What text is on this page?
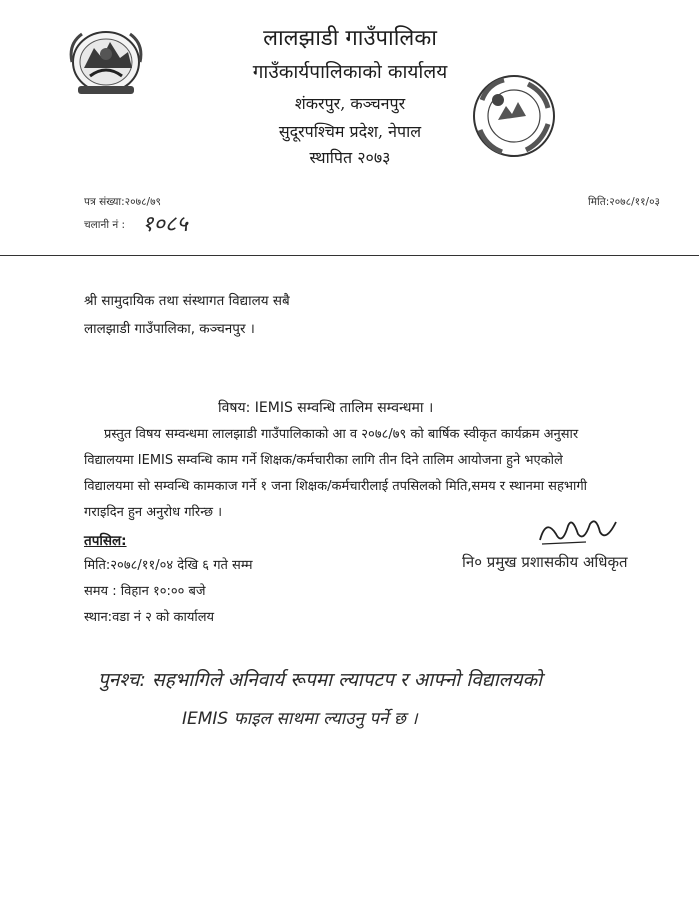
लालझाडी गाउँपालिका
गाउँकार्यपालिकाको कार्यालय
शंकरपुर, कञ्चनपुर
सुदूरपश्चिम प्रदेश, नेपाल
स्थापित २०७३
पत्र संख्या:२०७८/७९
चलानी नं : १०८५
मिति:२०७८/११/०३
श्री सामुदायिक तथा संस्थागत विद्यालय सबै
लालझाडी गाउँपालिका, कञ्चनपुर ।
विषय: IEMIS सम्वन्धि तालिम सम्वन्धमा ।
प्रस्तुत विषय सम्वन्धमा लालझाडी गाउँपालिकाको आ व २०७८/७९ को बार्षिक स्वीकृत कार्यक्रम अनुसार
विद्यालयमा IEMIS सम्वन्धि काम गर्ने शिक्षक/कर्मचारीका लागि तीन दिने तालिम आयोजना हुने भएकोले
विद्यालयमा सो सम्वन्धि कामकाज गर्ने १ जना शिक्षक/कर्मचारीलाई तपसिलको मिति,समय र स्थानमा सहभागी
गराइदिन हुन अनुरोध गरिन्छ ।
तपसिल:
मिति:२०७८/११/०४ देखि ६ गते सम्म
समय : विहान १०:०० बजे
स्थान:वडा नं २ को कार्यालय
नि० प्रमुख प्रशासकीय अधिकृत
पुनश्च: सहभागिले अनिवार्य रूपमा ल्यापटप र आफ्नो विद्यालयको
IEMIS फाइल साथमा ल्याउनु पर्ने छ ।
